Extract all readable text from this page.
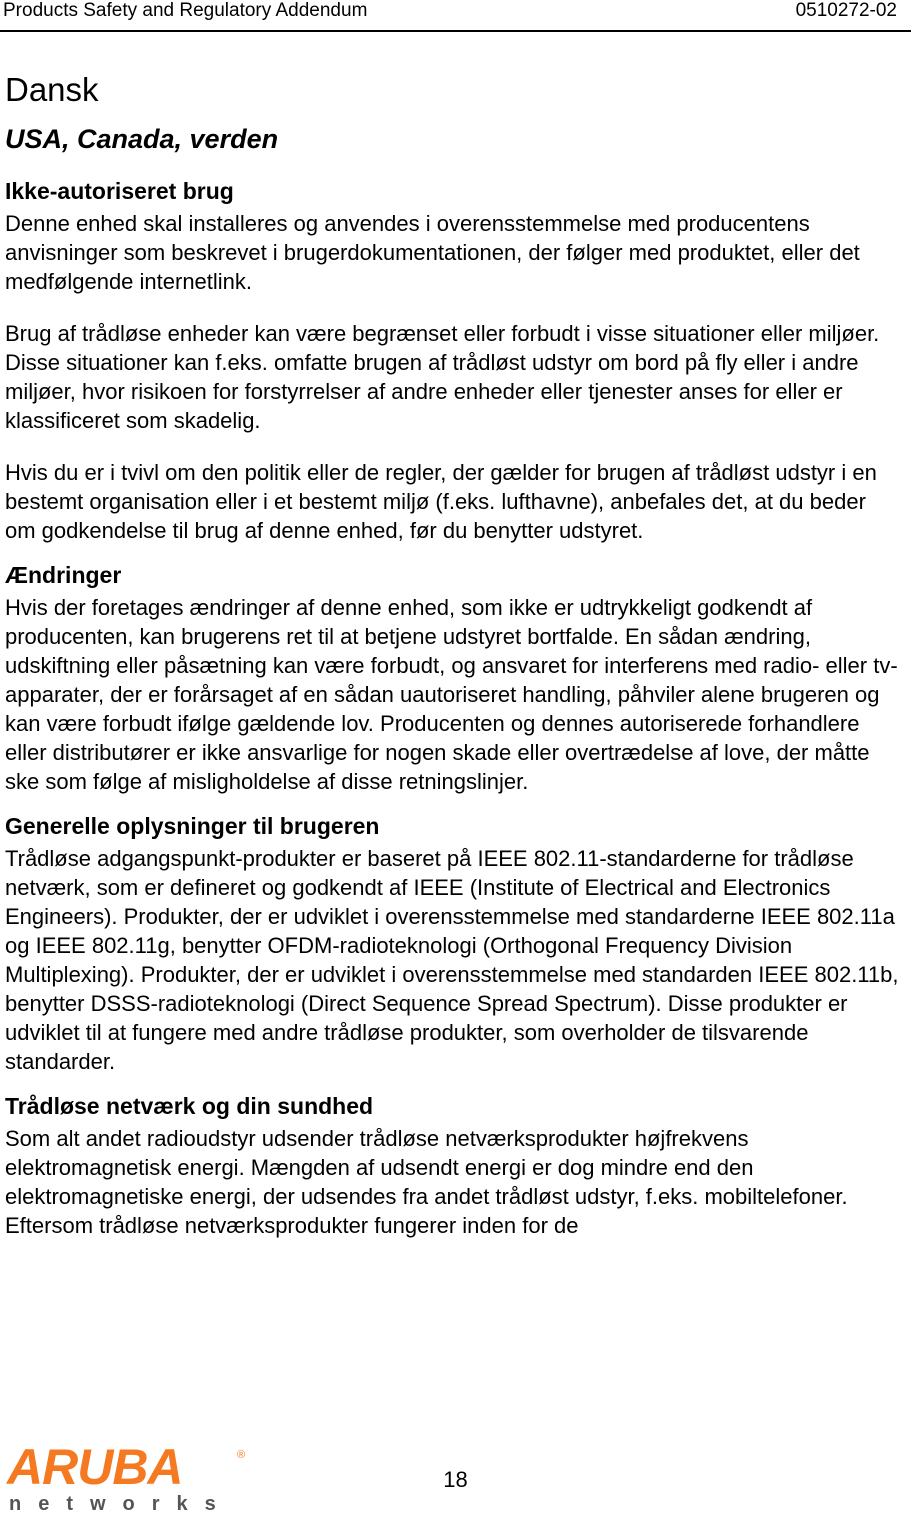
Products Safety and Regulatory Addendum	0510272-02
Dansk
USA, Canada, verden
Ikke-autoriseret brug

Denne enhed skal installeres og anvendes i overensstemmelse med producentens anvisninger som beskrevet i brugerdokumentationen, der følger med produktet, eller det medfølgende internetlink.

Brug af trådløse enheder kan være begrænset eller forbudt i visse situationer eller miljøer. Disse situationer kan f.eks. omfatte brugen af trådløst udstyr om bord på fly eller i andre miljøer, hvor risikoen for forstyrrelser af andre enheder eller tjenester anses for eller er klassificeret som skadelig.

Hvis du er i tvivl om den politik eller de regler, der gælder for brugen af trådløst udstyr i en bestemt organisation eller i et bestemt miljø (f.eks. lufthavne), anbefales det, at du beder om godkendelse til brug af denne enhed, før du benytter udstyret.

Ændringer

Hvis der foretages ændringer af denne enhed, som ikke er udtrykkeligt godkendt af producenten, kan brugerens ret til at betjene udstyret bortfalde. En sådan ændring, udskiftning eller påsætning kan være forbudt, og ansvaret for interferens med radio- eller tv-apparater, der er forårsaget af en sådan uautoriseret handling, påhviler alene brugeren og kan være forbudt ifølge gældende lov. Producenten og dennes autoriserede forhandlere eller distributører er ikke ansvarlige for nogen skade eller overtrædelse af love, der måtte ske som følge af misligholdelse af disse retningslinjer.

Generelle oplysninger til brugeren

Trådløse adgangspunkt-produkter er baseret på IEEE 802.11-standarderne for trådløse netværk, som er defineret og godkendt af IEEE (Institute of Electrical and Electronics Engineers). Produkter, der er udviklet i overensstemmelse med standarderne IEEE 802.11a og IEEE 802.11g, benytter OFDM-radioteknologi (Orthogonal Frequency Division Multiplexing). Produkter, der er udviklet i overensstemmelse med standarden IEEE 802.11b, benytter DSSS-radioteknologi (Direct Sequence Spread Spectrum). Disse produkter er udviklet til at fungere med andre trådløse produkter, som overholder de tilsvarende standarder.

Trådløse netværk og din sundhed

Som alt andet radioudstyr udsender trådløse netværksprodukter højfrekvens elektromagnetisk energi. Mængden af udsendt energi er dog mindre end den elektromagnetiske energi, der udsendes fra andet trådløst udstyr, f.eks. mobiltelefoner. Eftersom trådløse netværksprodukter fungerer inden for de

ARUBA	®
networks
18
